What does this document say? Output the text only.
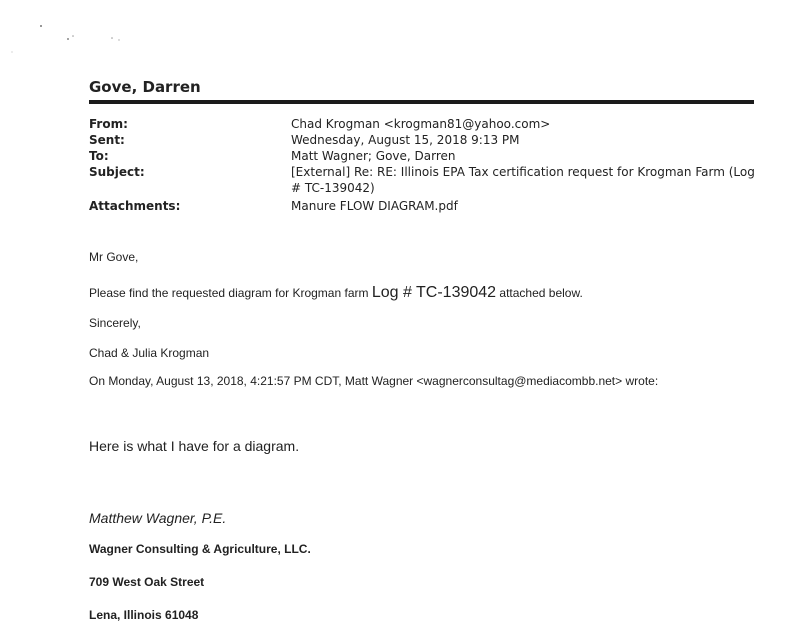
Gove, Darren
From:	Chad Krogman <krogman81@yahoo.com>
Sent:	Wednesday, August 15, 2018 9:13 PM
To:	Matt Wagner; Gove, Darren
Subject:	[External] Re: RE: Illinois EPA Tax certification request for Krogman Farm (Log # TC-139042)
Attachments:	Manure FLOW DIAGRAM.pdf

Mr Gove,

Please find the requested diagram for Krogman farm Log # TC-139042 attached below.

Sincerely,

Chad & Julia Krogman

On Monday, August 13, 2018, 4:21:57 PM CDT, Matt Wagner <wagnerconsultag@mediacombb.net> wrote:

Here is what I have for a diagram.

Matthew Wagner, P.E.

Wagner Consulting & Agriculture, LLC.

709 West Oak Street

Lena, Illinois 61048
